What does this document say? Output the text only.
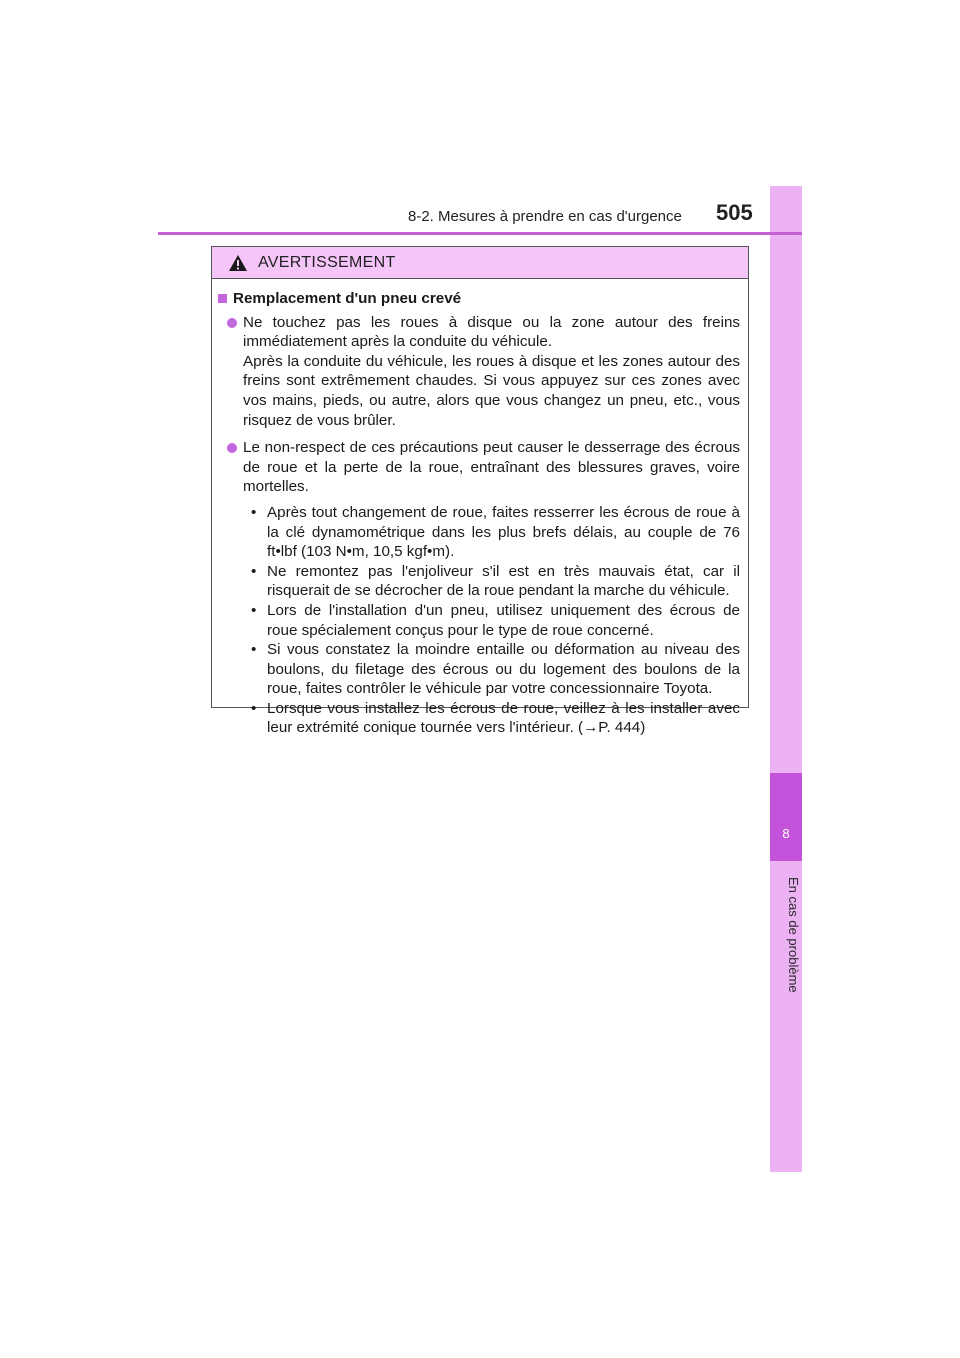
8
En cas de problème
8-2. Mesures à prendre en cas d'urgence 505
AVERTISSEMENT
Remplacement d'un pneu crevé
Ne touchez pas les roues à disque ou la zone autour des freins immédiatement après la conduite du véhicule.
Après la conduite du véhicule, les roues à disque et les zones autour des freins sont extrêmement chaudes. Si vous appuyez sur ces zones avec vos mains, pieds, ou autre, alors que vous changez un pneu, etc., vous risquez de vous brûler.
Le non-respect de ces précautions peut causer le desserrage des écrous de roue et la perte de la roue, entraînant des blessures graves, voire mortelles.
• Après tout changement de roue, faites resserrer les écrous de roue à la clé dynamométrique dans les plus brefs délais, au couple de 76 ft•lbf (103 N•m, 10,5 kgf•m).
• Ne remontez pas l'enjoliveur s'il est en très mauvais état, car il risquerait de se décrocher de la roue pendant la marche du véhicule.
• Lors de l'installation d'un pneu, utilisez uniquement des écrous de roue spécialement conçus pour le type de roue concerné.
• Si vous constatez la moindre entaille ou déformation au niveau des boulons, du filetage des écrous ou du logement des boulons de la roue, faites contrôler le véhicule par votre concessionnaire Toyota.
• Lorsque vous installez les écrous de roue, veillez à les installer avec leur extrémité conique tournée vers l'intérieur. (→P. 444)
